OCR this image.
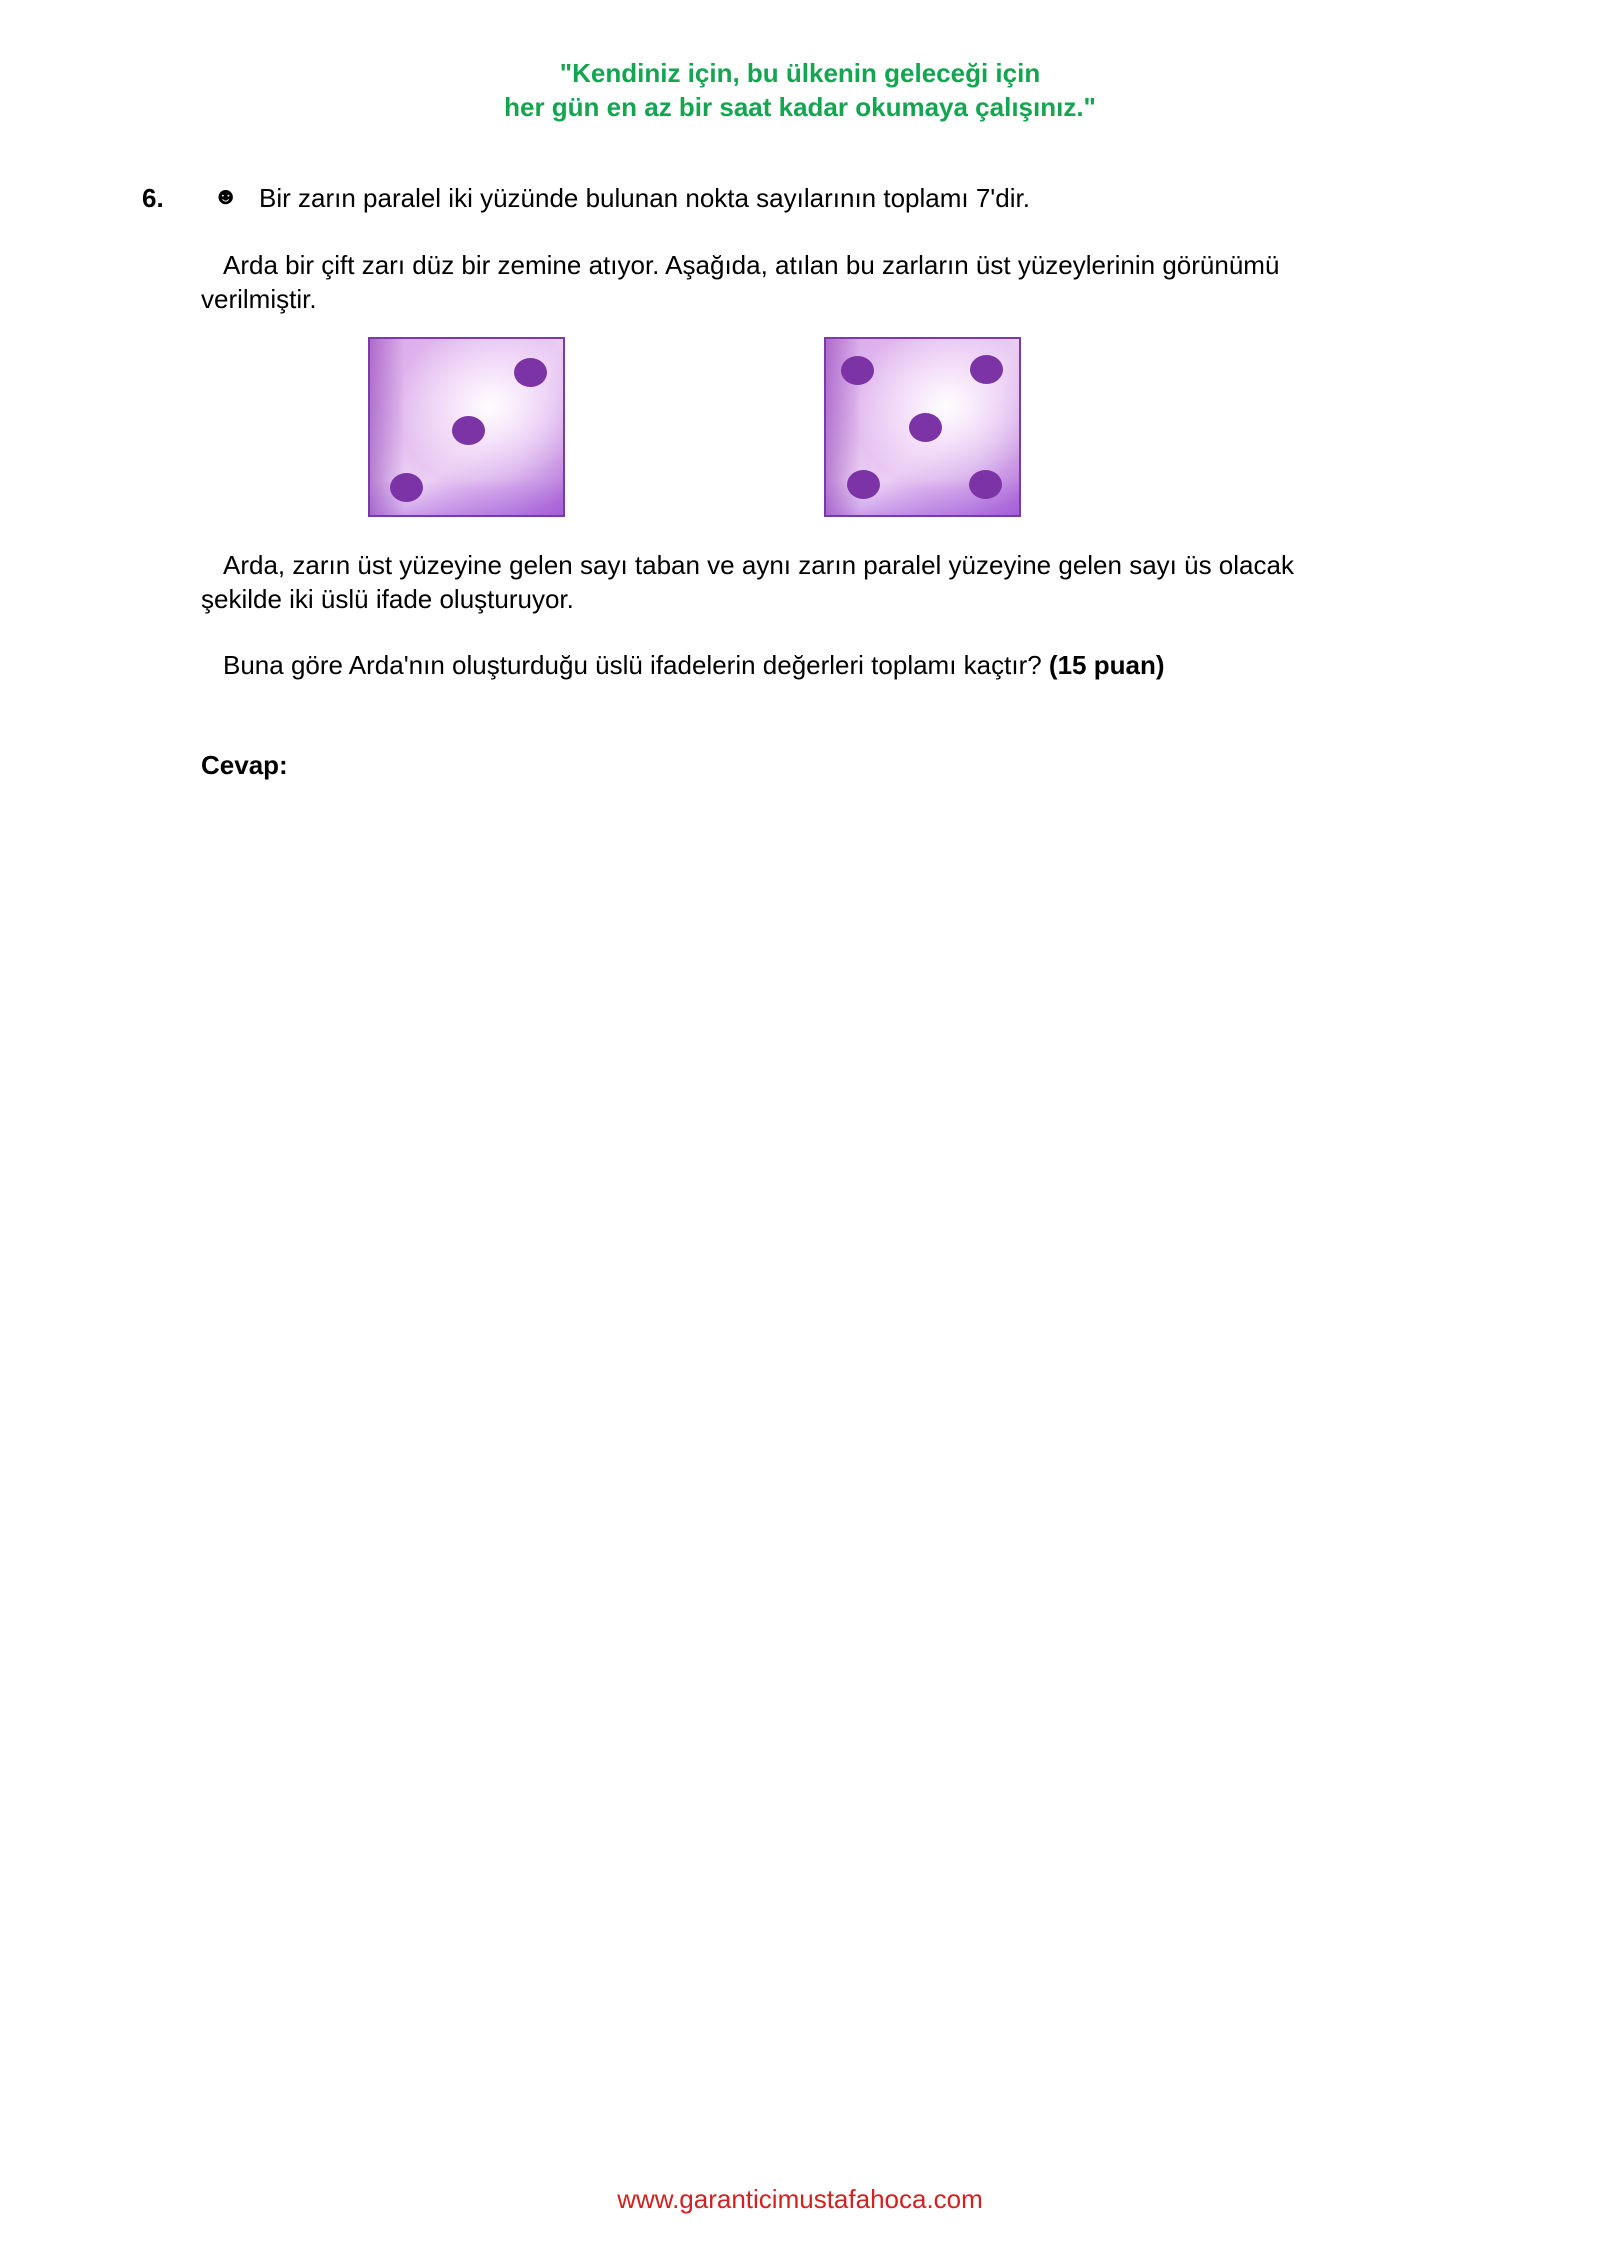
"Kendiniz için, bu ülkenin geleceği için
her gün en az bir saat kadar okumaya çalışınız."
6. ☻ Bir zarın paralel iki yüzünde bulunan nokta sayılarının toplamı 7'dir.
Arda bir çift zarı düz bir zemine atıyor. Aşağıda, atılan bu zarların üst yüzeylerinin görünümü verilmiştir.
Arda, zarın üst yüzeyine gelen sayı taban ve aynı zarın paralel yüzeyine gelen sayı üs olacak şekilde iki üslü ifade oluşturuyor.
Buna göre Arda'nın oluşturduğu üslü ifadelerin değerleri toplamı kaçtır? (15 puan)
Cevap:
www.garanticimustafahoca.com
